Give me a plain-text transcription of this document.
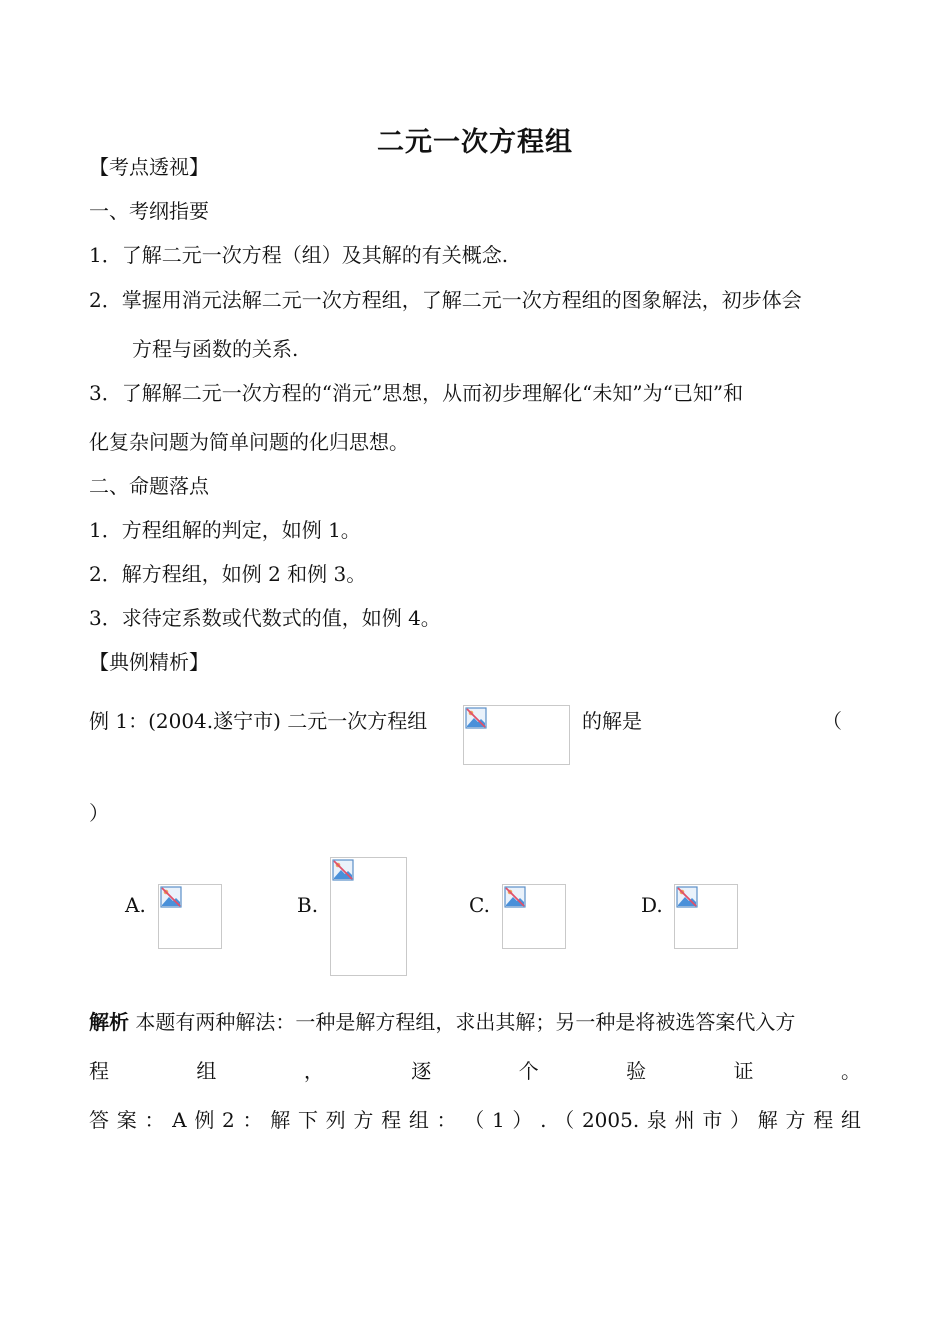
二元一次方程组
【考点透视】
一、考纲指要
1．了解二元一次方程（组）及其解的有关概念.
2．掌握用消元法解二元一次方程组，了解二元一次方程组的图象解法，初步体会
方程与函数的关系.
3．了解解二元一次方程的“消元”思想，从而初步理解化“未知”为“已知”和
化复杂问题为简单问题的化归思想。
二、命题落点
1．方程组解的判定，如例 1。
2．解方程组，如例 2 和例 3。
3．求待定系数或代数式的值，如例 4。
【典例精析】
例 1：(2004.遂宁市) 二元一次方程组	的解是	（
）
A.	B.	C.	D.
解析 本题有两种解法：一种是解方程组，求出其解；另一种是将被选答案代入方
程	组	，	逐	个	验	证	。
答 案 ： A 例 2 ： 解 下 列 方 程 组 ： （ 1 ） . （ 2005. 泉 州 市 ） 解 方 程 组
